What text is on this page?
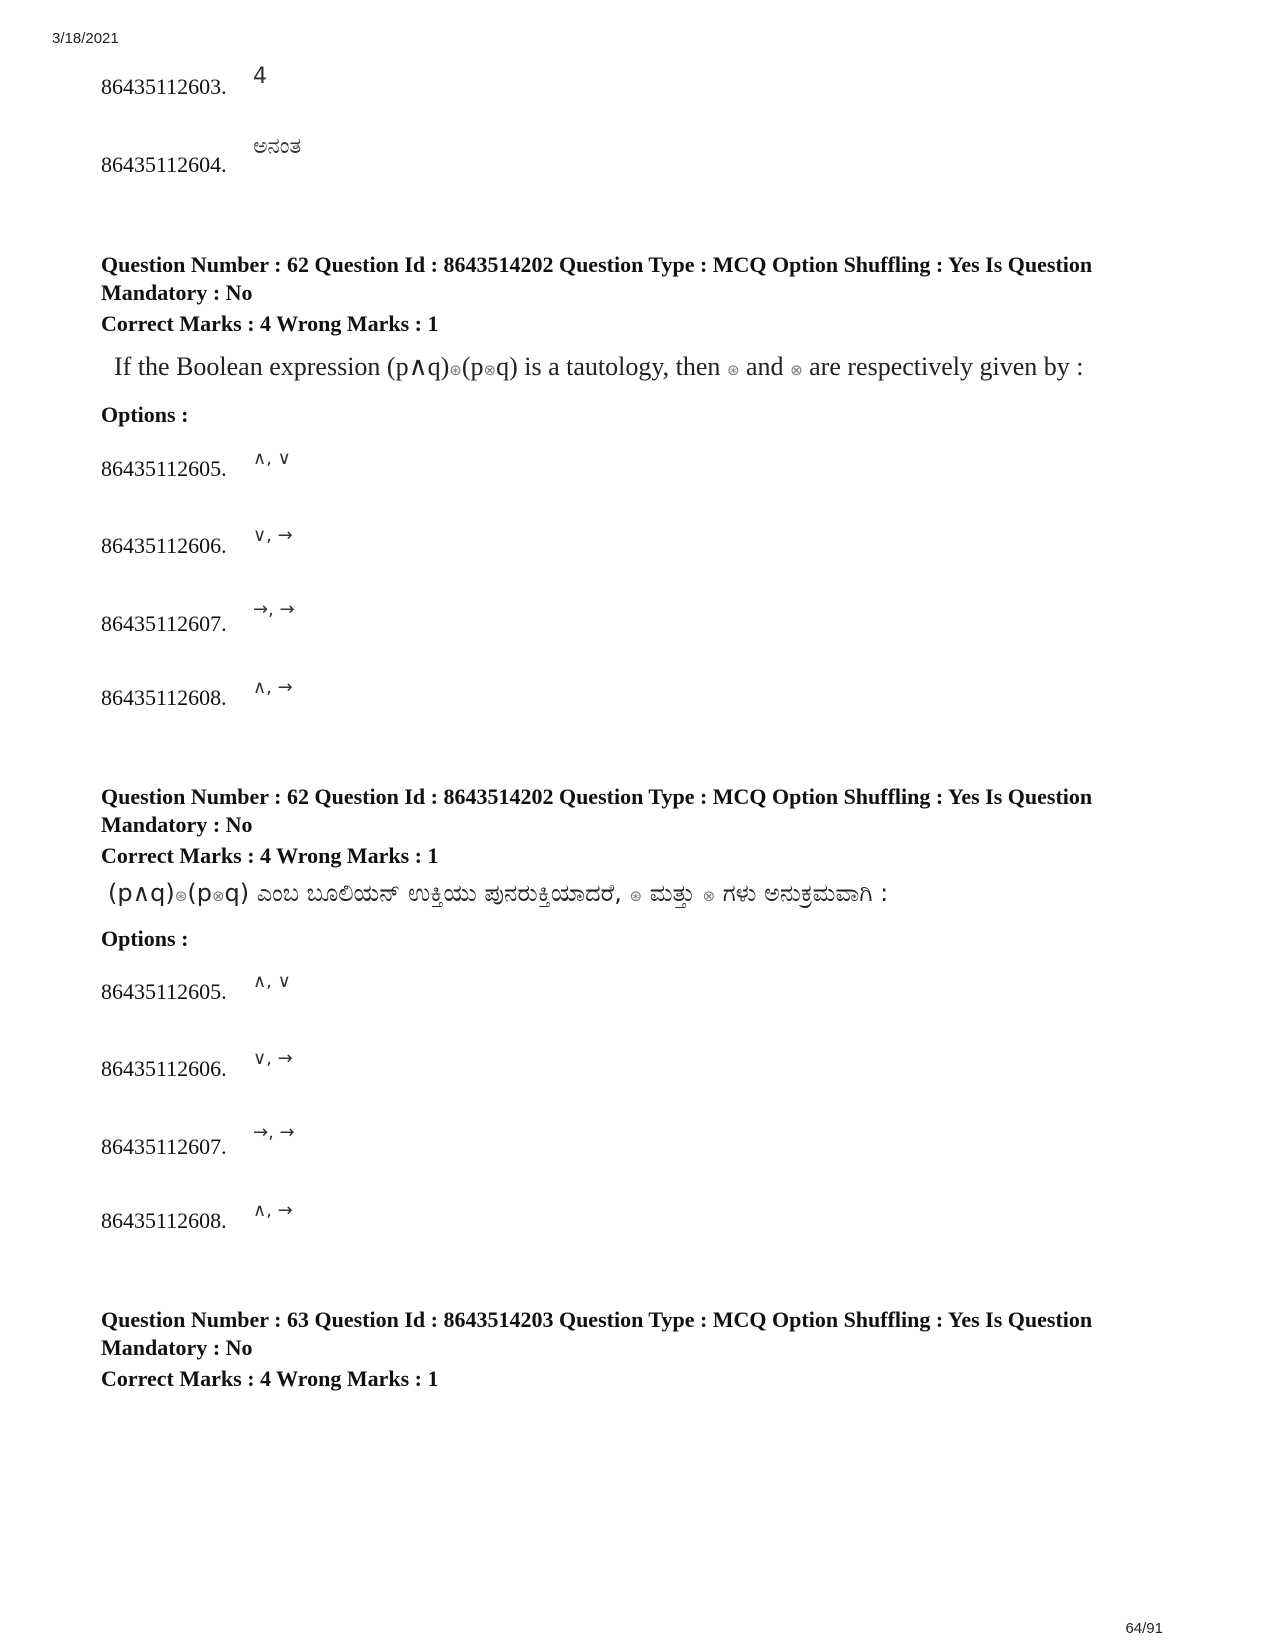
3/18/2021
86435112603. 4
86435112604.
ಅನಂತ
Question Number : 62 Question Id : 8643514202 Question Type : MCQ Option Shuffling : Yes Is Question Mandatory : No
Correct Marks : 4 Wrong Marks : 1
If the Boolean expression (p∧q)⊛(p⊗q) is a tautology, then ⊛ and ⊗ are respectively given by :
Options :
86435112605. ∧, ∨
86435112606. ∨, →
86435112607.
→, →
86435112608. ∧, →
Question Number : 62 Question Id : 8643514202 Question Type : MCQ Option Shuffling : Yes Is Question Mandatory : No
Correct Marks : 4 Wrong Marks : 1
(p∧q)⊛(p⊗q) ಎಂಬ ಬೂಲಿಯನ್ ಉಕ್ತಿಯು ಪುನರುಕ್ತಿಯಾದರೆ, ⊛ ಮತ್ತು ⊗ ಗಳು ಅನುಕ್ರಮವಾಗಿ :
Options :
86435112605. ∧, ∨
86435112606. ∨, →
86435112607.
→, →
86435112608. ∧, →
Question Number : 63 Question Id : 8643514203 Question Type : MCQ Option Shuffling : Yes Is Question Mandatory : No
Correct Marks : 4 Wrong Marks : 1
64/91
